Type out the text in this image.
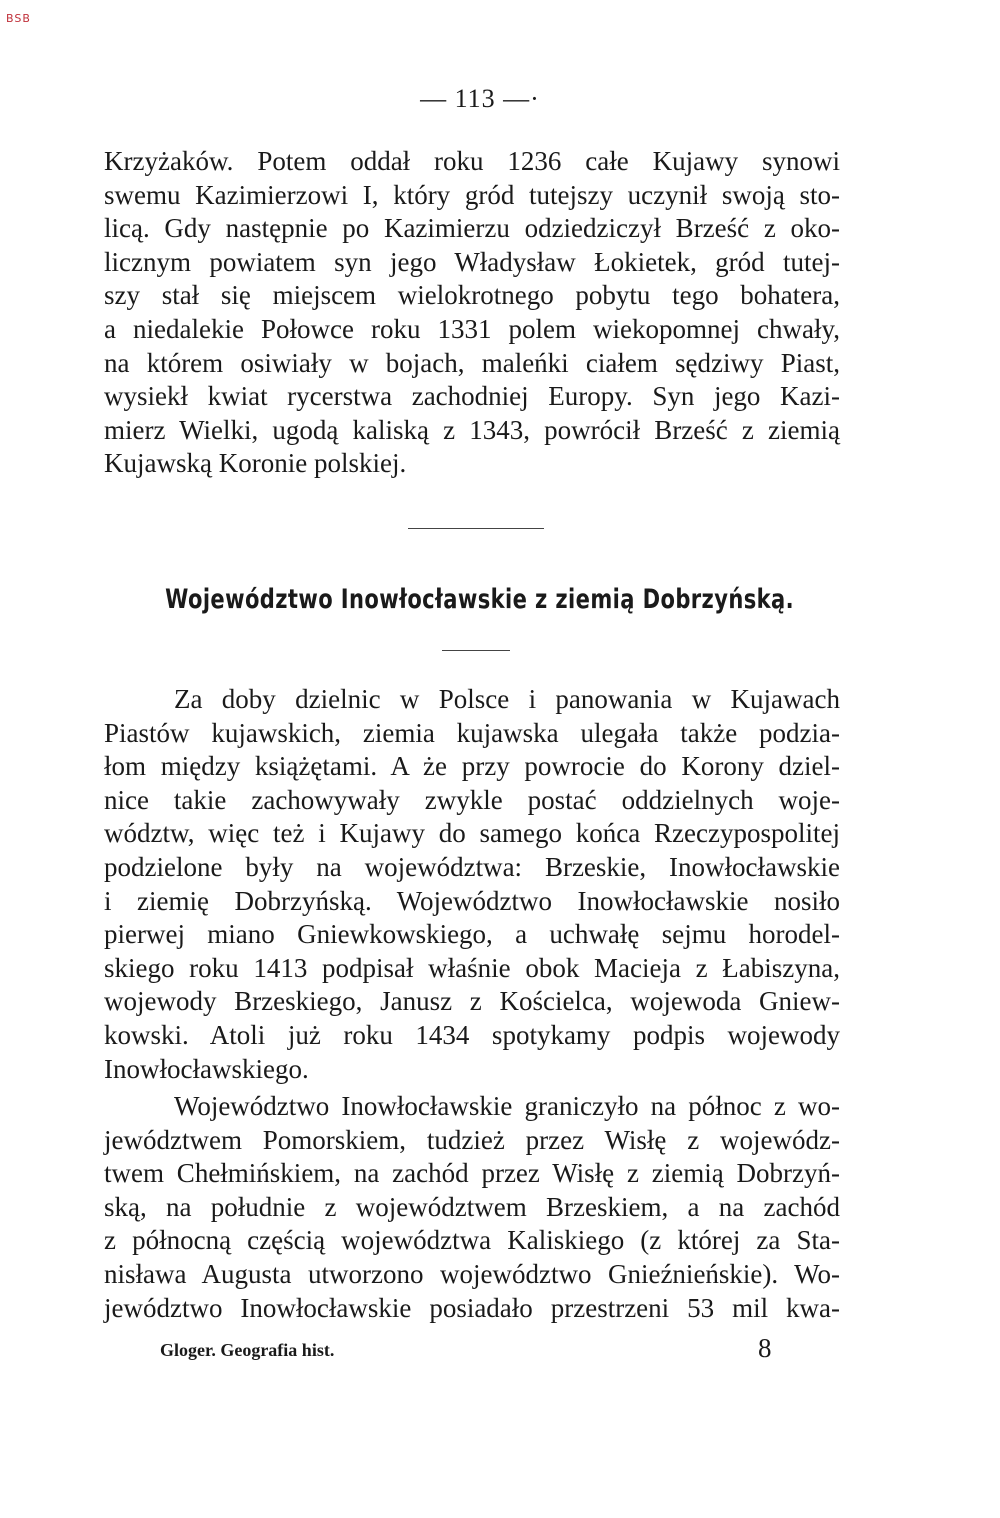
BSB
— 113 —·
Krzyżaków. Potem oddał roku 1236 całe Kujawy synowi
swemu Kazimierzowi I, który gród tutejszy uczynił swoją sto-
licą. Gdy następnie po Kazimierzu odziedziczył Brześć z oko-
licznym powiatem syn jego Władysław Łokietek, gród tutej-
szy stał się miejscem wielokrotnego pobytu tego bohatera,
a niedalekie Połowce roku 1331 polem wiekopomnej chwały,
na którem osiwiały w bojach, maleńki ciałem sędziwy Piast,
wysiekł kwiat rycerstwa zachodniej Europy. Syn jego Kazi-
mierz Wielki, ugodą kaliską z 1343, powrócił Brześć z ziemią
Kujawską Koronie polskiej.
Województwo Inowłocławskie z ziemią Dobrzyńską.
Za doby dzielnic w Polsce i panowania w Kujawach
Piastów kujawskich, ziemia kujawska ulegała także podzia-
łom między książętami. A że przy powrocie do Korony dziel-
nice takie zachowywały zwykle postać oddzielnych woje-
wództw, więc też i Kujawy do samego końca Rzeczypospolitej
podzielone były na województwa: Brzeskie, Inowłocławskie
i ziemię Dobrzyńską. Województwo Inowłocławskie nosiło
pierwej miano Gniewkowskiego, a uchwałę sejmu horodel-
skiego roku 1413 podpisał właśnie obok Macieja z Łabiszyna,
wojewody Brzeskiego, Janusz z Kościelca, wojewoda Gniew-
kowski. Atoli już roku 1434 spotykamy podpis wojewody
Inowłocławskiego.
Województwo Inowłocławskie graniczyło na północ z wo-
jewództwem Pomorskiem, tudzież przez Wisłę z wojewódz-
twem Chełmińskiem, na zachód przez Wisłę z ziemią Dobrzyń-
ską, na południe z województwem Brzeskiem, a na zachód
z północną częścią województwa Kaliskiego (z której za Sta-
nisława Augusta utworzono województwo Gnieźnieńskie). Wo-
jewództwo Inowłocławskie posiadało przestrzeni 53 mil kwa-
Gloger. Geografia hist.	8
